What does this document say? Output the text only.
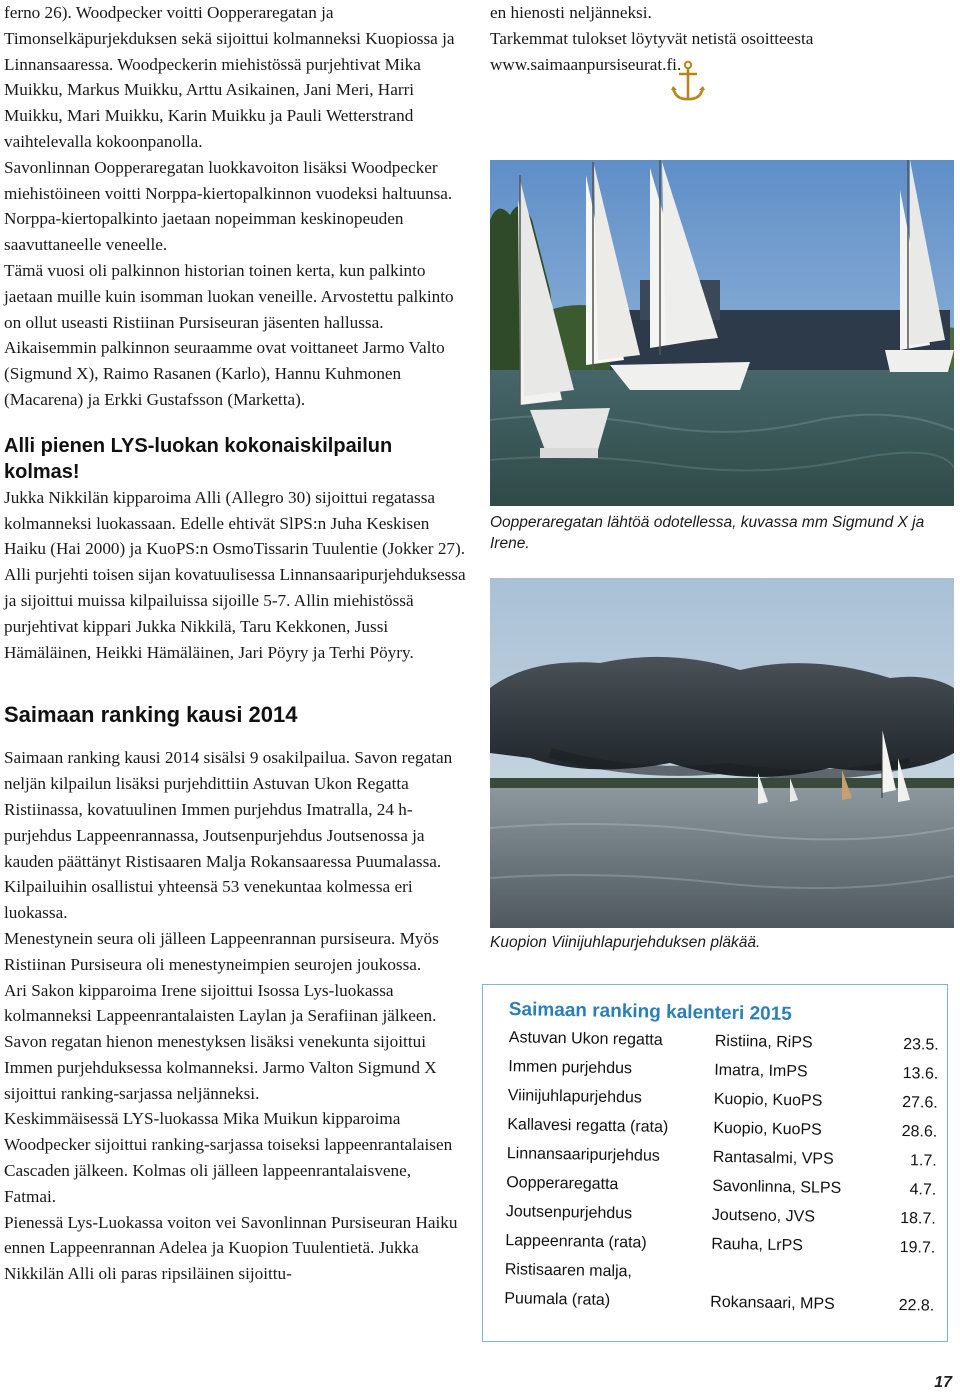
ferno 26). Woodpecker voitti Oopperaregatan ja Timonselkäpurjekduksen sekä sijoittui kolmanneksi Kuopiossa ja Linnansaaressa. Woodpeckerin miehistössä purjehtivat Mika Muikku, Markus Muikku, Arttu Asikainen, Jani Meri, Harri Muikku, Mari Muikku, Karin Muikku ja Pauli Wetterstrand vaihtelevalla kokoonpanolla.

Savonlinnan Oopperaregatan luokkavoiton lisäksi Woodpecker miehistöineen voitti Norppa-kiertopalkinnon vuodeksi haltuunsa. Norppa-kiertopalkinto jaetaan nopeimman keskinopeuden saavuttaneelle veneelle.

Tämä vuosi oli palkinnon historian toinen kerta, kun palkinto jaetaan muille kuin isomman luokan veneille. Arvostettu palkinto on ollut useasti Ristiinan Pursiseuran jäsenten hallussa. Aikaisemmin palkinnon seuraamme ovat voittaneet Jarmo Valto (Sigmund X), Raimo Rasanen (Karlo), Hannu Kuhmonen (Macarena) ja Erkki Gustafsson (Marketta).

Alli pienen LYS-luokan kokonaiskilpailun kolmas!

Jukka Nikkilän kipparoima Alli (Allegro 30) sijoittui regatassa kolmanneksi luokassaan. Edelle ehtivät SlPS:n Juha Keskisen Haiku (Hai 2000) ja KuoPS:n OsmoTissarin Tuulentie (Jokker 27). Alli purjehti toisen sijan kovatuulisessa Linnansaaripurjehduksessa ja sijoittui muissa kilpailuissa sijoille 5-7. Allin miehistössä purjehtivat kippari Jukka Nikkilä, Taru Kekkonen, Jussi Hämäläinen, Heikki Hämäläinen, Jari Pöyry ja Terhi Pöyry.

Saimaan ranking kausi 2014

Saimaan ranking kausi 2014 sisälsi 9 osakilpailua. Savon regatan neljän kilpailun lisäksi purjehdittiin Astuvan Ukon Regatta Ristiinassa, kovatuulinen Immen purjehdus Imatralla, 24 h-purjehdus Lappeenrannassa, Joutsenpurjehdus Joutsenossa ja kauden päättänyt Ristisaaren Malja Rokansaaressa Puumalassa. Kilpailuihin osallistui yhteensä 53 venekuntaa kolmessa eri luokassa.

Menestynein seura oli jälleen Lappeenrannan pursiseura. Myös Ristiinan Pursiseura oli menestyneimpien seurojen joukossa.

Ari Sakon kipparoima Irene sijoittui Isossa Lys-luokassa kolmanneksi Lappeenrantalaisten Laylan ja Serafiinan jälkeen. Savon regatan hienon menestyksen lisäksi venekunta sijoittui Immen purjehduksessa kolmanneksi. Jarmo Valton Sigmund X sijoittui ranking-sarjassa neljänneksi.

Keskimmäisessä LYS-luokassa Mika Muikun kipparoima Woodpecker sijoittui ranking-sarjassa toiseksi lappeenrantalaisen Cascaden jälkeen. Kolmas oli jälleen lappeenrantalaisvene, Fatmai.

Pienessä Lys-Luokassa voiton vei Savonlinnan Pursiseuran Haiku ennen Lappeenrannan Adelea ja Kuopion Tuulentietä. Jukka Nikkilän Alli oli paras ripsiläinen sijoittu-

en hienosti neljänneksi.

Tarkemmat tulokset löytyvät netistä osoitteesta www.saimaanpursiseurat.fi.

Oopperaregatan lähtöä odotellessa, kuvassa mm Sigmund X ja Irene.

Kuopion Viinijuhlapurjehduksen pläkää.

Saimaan ranking kalenteri 2015
Astuvan Ukon regatta	Ristiina, RiPS	23.5.
Immen purjehdus	Imatra, ImPS	13.6.
Viinijuhlapurjehdus	Kuopio, KuoPS	27.6.
Kallavesi regatta (rata)	Kuopio, KuoPS	28.6.
Linnansaaripurjehdus	Rantasalmi, VPS	1.7.
Oopperaregatta	Savonlinna, SLPS	4.7.
Joutsenpurjehdus	Joutseno, JVS	18.7.
Lappeenranta (rata)	Rauha, LrPS	19.7.
Ristisaaren malja,
Puumala (rata)	Rokansaari, MPS	22.8.
17
